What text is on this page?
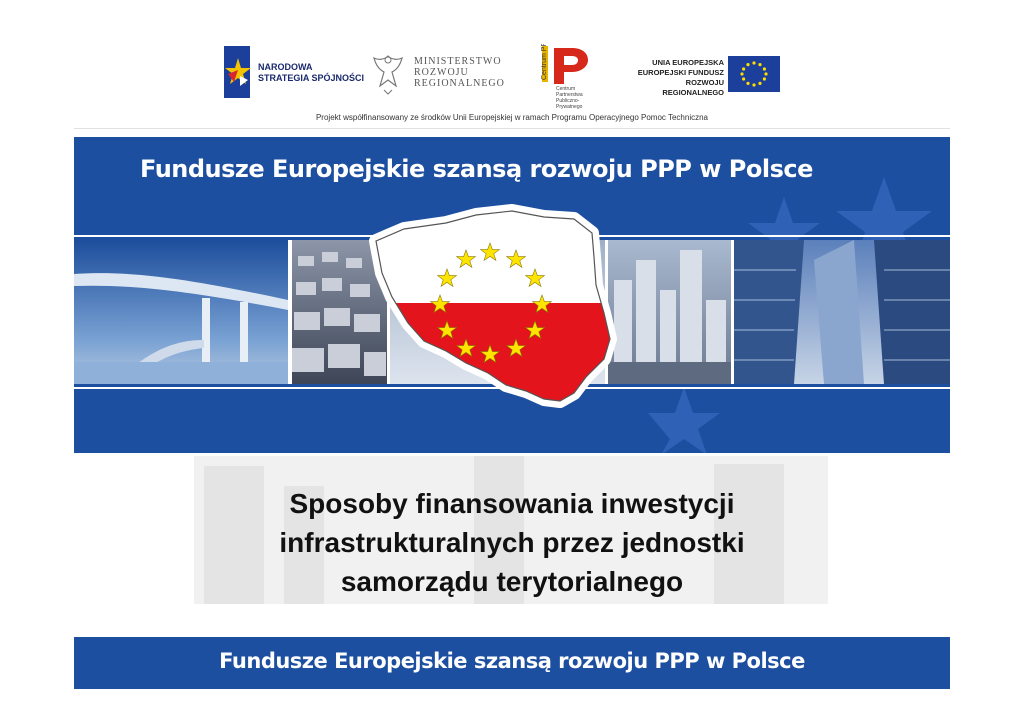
NARODOWA
STRATEGIA SPÓJNOŚCI
MINISTERSTWO
ROZWOJU
REGIONALNEGO
Centrum PPP
Centrum Partnerstwa Publiczno-Prywatnego
UNIA EUROPEJSKA
EUROPEJSKI FUNDUSZ
ROZWOJU REGIONALNEGO
Projekt współfinansowany ze środków Unii Europejskiej w ramach Programu Operacyjnego Pomoc Techniczna
Fundusze Europejskie szansą rozwoju PPP w Polsce
Sposoby finansowania inwestycji
infrastrukturalnych przez jednostki
samorządu terytorialnego
Fundusze Europejskie szansą rozwoju PPP w Polsce
